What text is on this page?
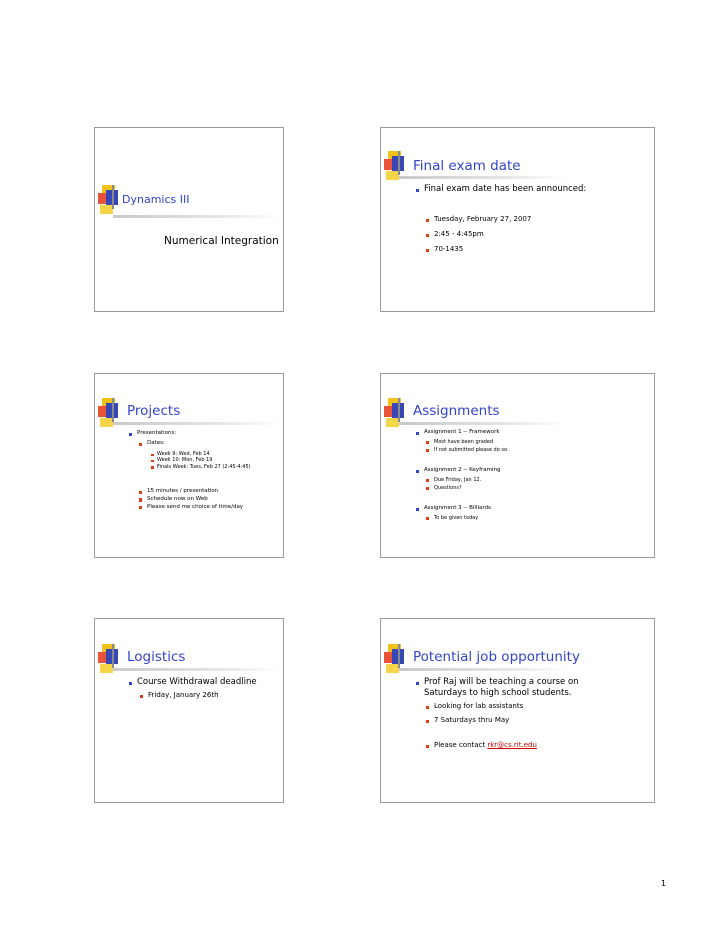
Dynamics III
Numerical Integration
Final exam date
Final exam date has been announced:
Tuesday, February 27, 2007
2:45 - 4:45pm
70-1435
Projects
Presentations:
Dates:
Week 9: Wed, Feb 14
Week 10: Mon, Feb 19
Finals Week: Tues, Feb 27 (2:45-4:45)
15 minutes / presentation
Schedule now on Web
Please send me choice of time/day
Assignments
Assignment 1 -- Framework
Most have been graded
If not submitted please do so.
Assignment 2 -- Keyframing
Due Friday, Jan 12.
Questions?
Assignment 3 -- Billiards
To be given today
Logistics
Course Withdrawal deadline
Friday, January 26th
Potential job opportunity
Prof Raj will be teaching a course on
Saturdays to high school students.
Looking for lab assistants
7 Saturdays thru May
Please contact rkr@cs.rit.edu
1
